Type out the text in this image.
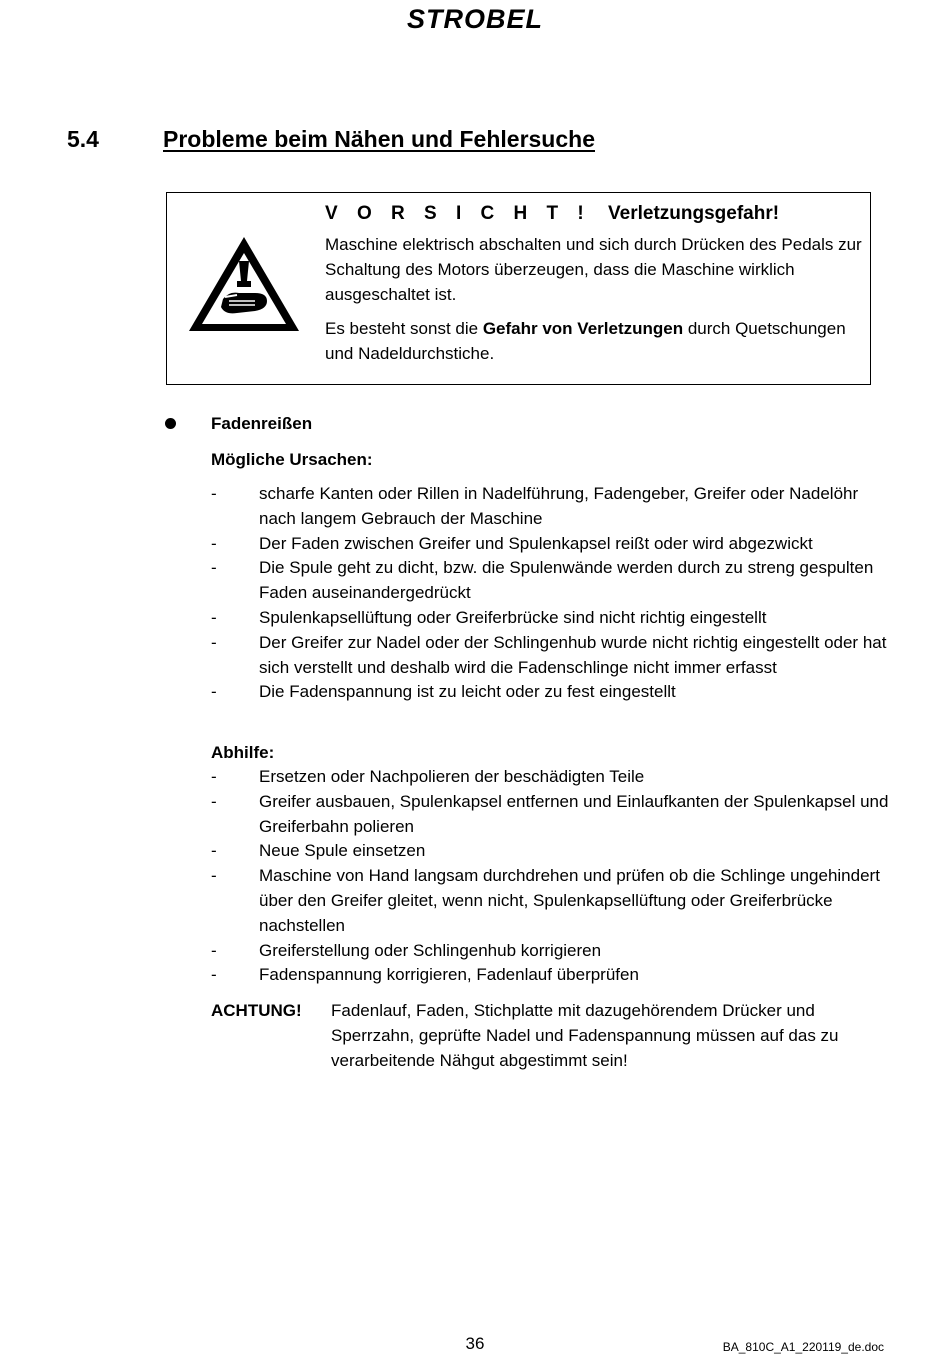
STROBEL
5.4	Probleme beim Nähen und Fehlersuche
V O R S I C H T ! Verletzungsgefahr!

Maschine elektrisch abschalten und sich durch Drücken des Pedals zur Schaltung des Motors überzeugen, dass die Maschine wirklich ausgeschaltet ist.

Es besteht sonst die Gefahr von Verletzungen durch Quetschungen und Nadeldurchstiche.

Fadenreißen
Mögliche Ursachen:
- scharfe Kanten oder Rillen in Nadelführung, Fadengeber, Greifer oder Nadelöhr nach langem Gebrauch der Maschine
- Der Faden zwischen Greifer und Spulenkapsel reißt oder wird abgezwickt
- Die Spule geht zu dicht, bzw. die Spulenwände werden durch zu streng gespulten Faden auseinandergedrückt
- Spulenkapsellüftung oder Greiferbrücke sind nicht richtig eingestellt
- Der Greifer zur Nadel oder der Schlingenhub wurde nicht richtig eingestellt oder hat sich verstellt und deshalb wird die Fadenschlinge nicht immer erfasst
- Die Fadenspannung ist zu leicht oder zu fest eingestellt
Abhilfe:
- Ersetzen oder Nachpolieren der beschädigten Teile
- Greifer ausbauen, Spulenkapsel entfernen und Einlaufkanten der Spulenkapsel und Greiferbahn polieren
- Neue Spule einsetzen
- Maschine von Hand langsam durchdrehen und prüfen ob die Schlinge ungehindert über den Greifer gleitet, wenn nicht, Spulenkapsellüftung oder Greiferbrücke nachstellen
- Greiferstellung oder Schlingenhub korrigieren
- Fadenspannung korrigieren, Fadenlauf überprüfen
ACHTUNG! Fadenlauf, Faden, Stichplatte mit dazugehörendem Drücker und Sperrzahn, geprüfte Nadel und Fadenspannung müssen auf das zu verarbeitende Nähgut abgestimmt sein!
36	BA_810C_A1_220119_de.doc
